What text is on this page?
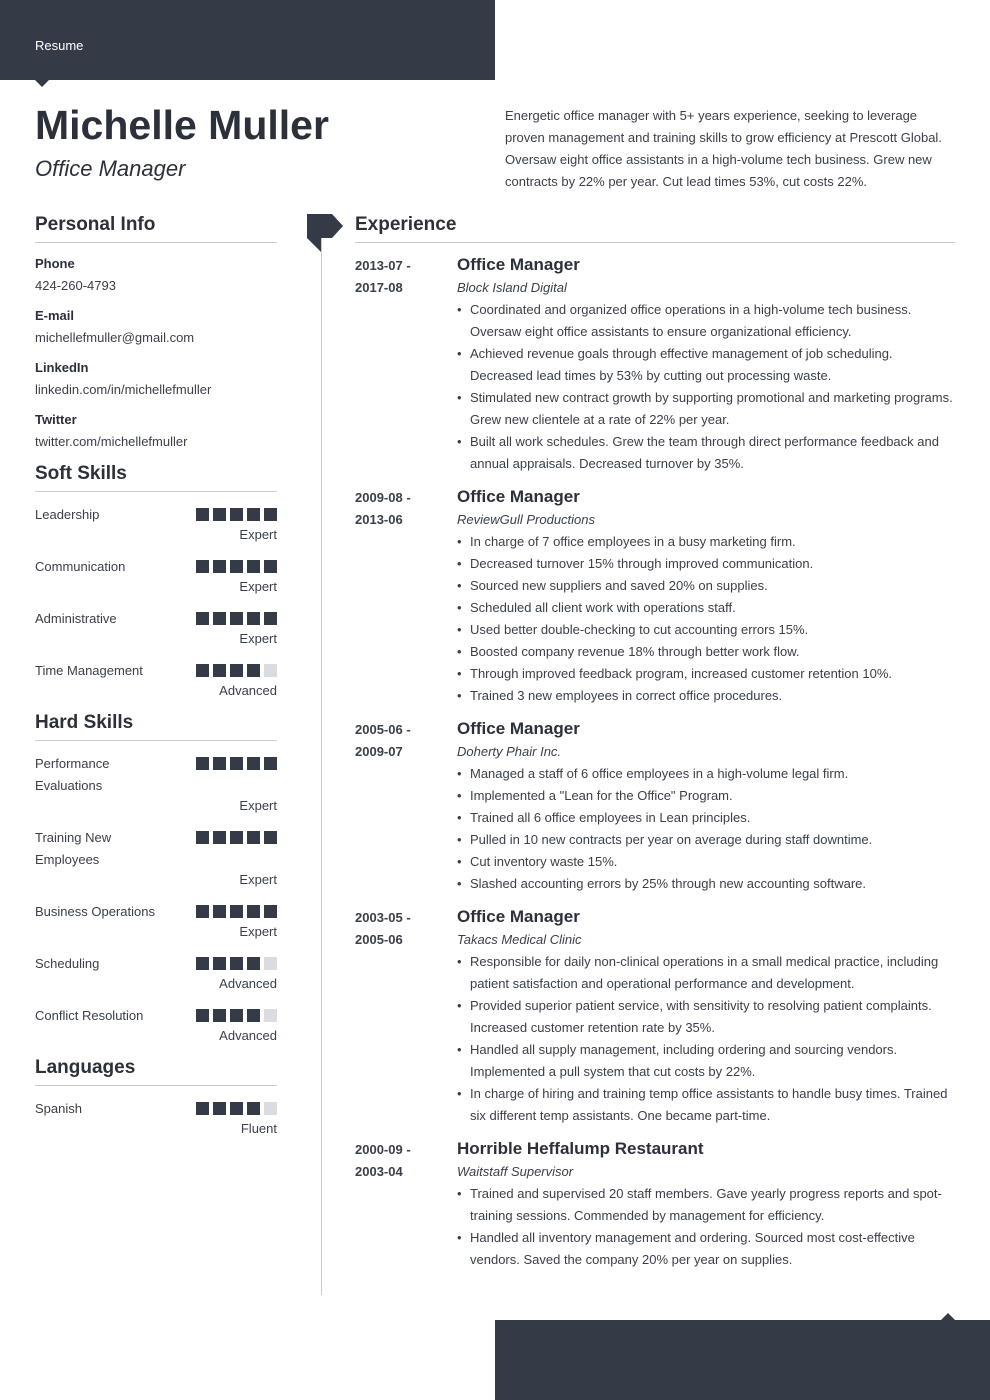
Resume
Michelle Muller
Office Manager

Energetic office manager with 5+ years experience, seeking to leverage proven management and training skills to grow efficiency at Prescott Global. Oversaw eight office assistants in a high-volume tech business. Grew new contracts by 22% per year. Cut lead times 53%, cut costs 22%.

Personal Info
Phone
424-260-4793
E-mail
michellefmuller@gmail.com
LinkedIn
linkedin.com/in/michellefmuller
Twitter
twitter.com/michellefmuller
Soft Skills
Leadership
Expert
Communication
Expert
Administrative
Expert
Time Management
Advanced
Hard Skills
Performance Evaluations
Expert
Training New Employees
Expert
Business Operations
Expert
Scheduling
Advanced
Conflict Resolution
Advanced
Languages
Spanish
Fluent
Experience
2013-07 - 2017-08
Office Manager
Block Island Digital
• Coordinated and organized office operations in a high-volume tech business. Oversaw eight office assistants to ensure organizational efficiency.
• Achieved revenue goals through effective management of job scheduling. Decreased lead times by 53% by cutting out processing waste.
• Stimulated new contract growth by supporting promotional and marketing programs. Grew new clientele at a rate of 22% per year.
• Built all work schedules. Grew the team through direct performance feedback and annual appraisals. Decreased turnover by 35%.
2009-08 - 2013-06
Office Manager
ReviewGull Productions
• In charge of 7 office employees in a busy marketing firm.
• Decreased turnover 15% through improved communication.
• Sourced new suppliers and saved 20% on supplies.
• Scheduled all client work with operations staff.
• Used better double-checking to cut accounting errors 15%.
• Boosted company revenue 18% through better work flow.
• Through improved feedback program, increased customer retention 10%.
• Trained 3 new employees in correct office procedures.
2005-06 - 2009-07
Office Manager
Doherty Phair Inc.
• Managed a staff of 6 office employees in a high-volume legal firm.
• Implemented a "Lean for the Office" Program.
• Trained all 6 office employees in Lean principles.
• Pulled in 10 new contracts per year on average during staff downtime.
• Cut inventory waste 15%.
• Slashed accounting errors by 25% through new accounting software.
2003-05 - 2005-06
Office Manager
Takacs Medical Clinic
• Responsible for daily non-clinical operations in a small medical practice, including patient satisfaction and operational performance and development.
• Provided superior patient service, with sensitivity to resolving patient complaints. Increased customer retention rate by 35%.
• Handled all supply management, including ordering and sourcing vendors. Implemented a pull system that cut costs by 22%.
• In charge of hiring and training temp office assistants to handle busy times. Trained six different temp assistants. One became part-time.
2000-09 - 2003-04
Horrible Heffalump Restaurant
Waitstaff Supervisor
• Trained and supervised 20 staff members. Gave yearly progress reports and spot-training sessions. Commended by management for efficiency.
• Handled all inventory management and ordering. Sourced most cost-effective vendors. Saved the company 20% per year on supplies.
